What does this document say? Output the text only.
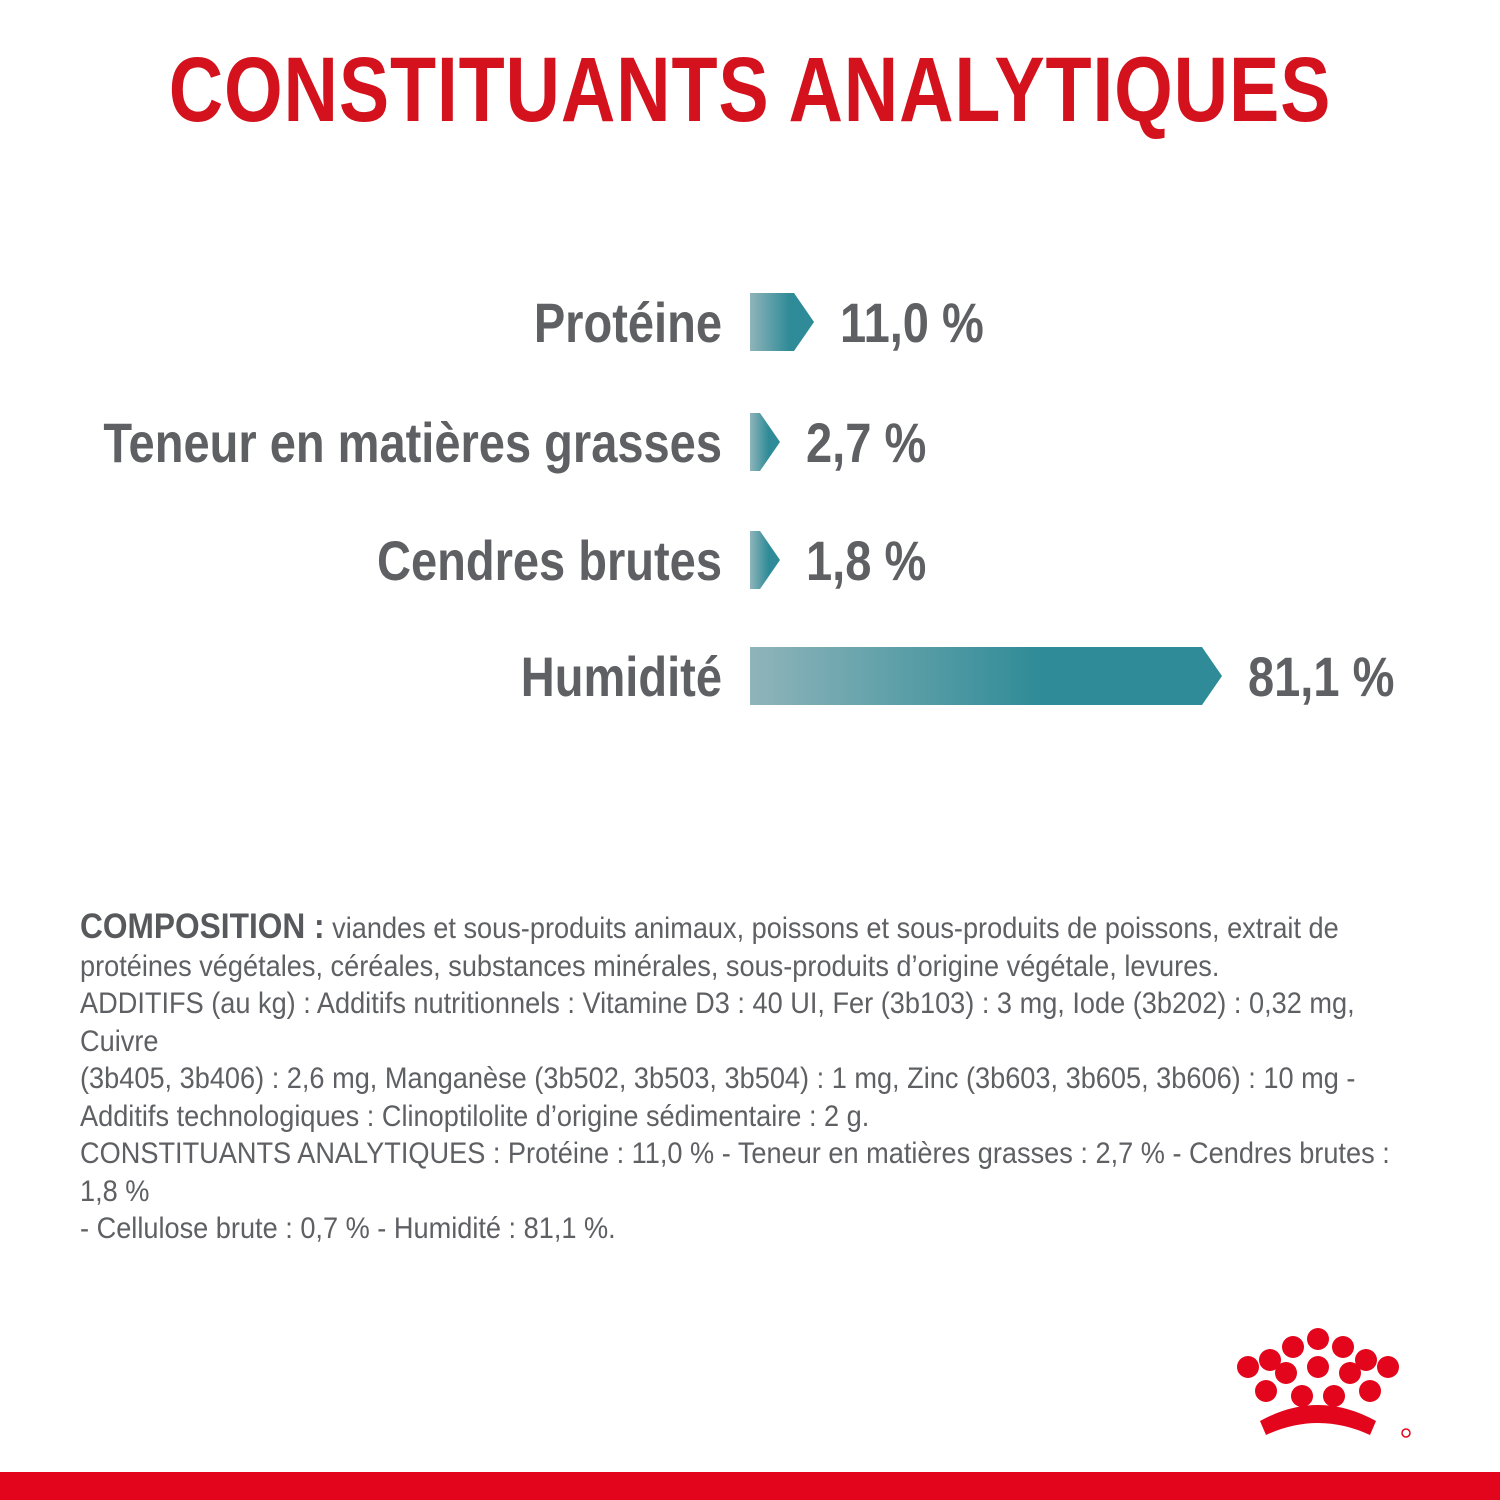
CONSTITUANTS ANALYTIQUES
Protéine 11,0 %
Teneur en matières grasses 2,7 %
Cendres brutes 1,8 %
Humidité	81,1 %

COMPOSITION : viandes et sous-produits animaux, poissons et sous-produits de poissons, extrait de

protéines végétales, céréales, substances minérales, sous-produits d’origine végétale, levures.

ADDITIFS (au kg) : Additifs nutritionnels : Vitamine D3 : 40 UI, Fer (3b103) : 3 mg, Iode (3b202) : 0,32 mg, Cuivre

(3b405, 3b406) : 2,6 mg, Manganèse (3b502, 3b503, 3b504) : 1 mg, Zinc (3b603, 3b605, 3b606) : 10 mg -

Additifs technologiques : Clinoptilolite d’origine sédimentaire : 2 g.

CONSTITUANTS ANALYTIQUES : Protéine : 11,0 % - Teneur en matières grasses : 2,7 % - Cendres brutes : 1,8 %

- Cellulose brute : 0,7 % - Humidité : 81,1 %.
